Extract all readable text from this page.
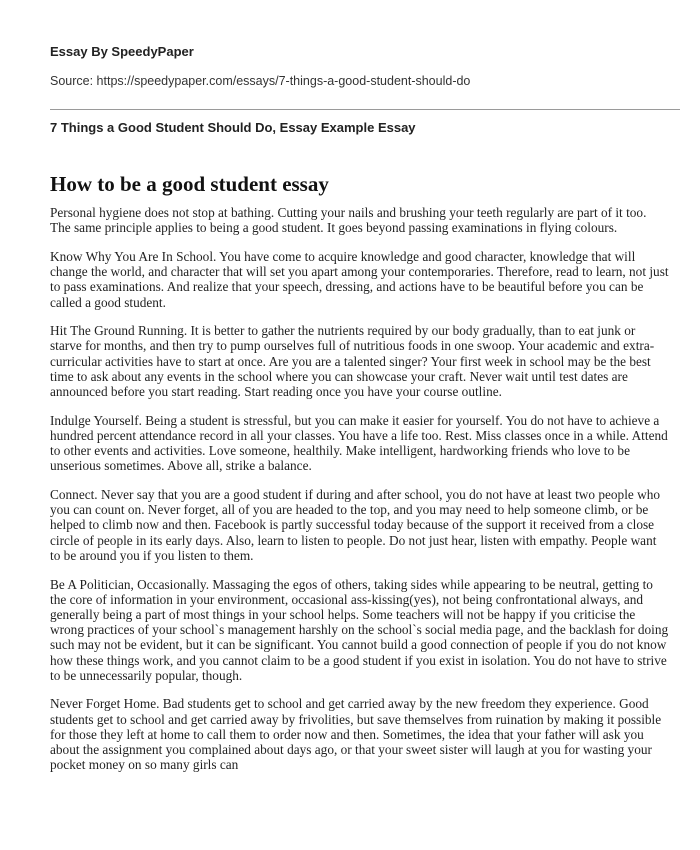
Essay By SpeedyPaper
Source: https://speedypaper.com/essays/7-things-a-good-student-should-do
7 Things a Good Student Should Do, Essay Example Essay
How to be a good student essay

Personal hygiene does not stop at bathing. Cutting your nails and brushing your teeth regularly are part of it too. The same principle applies to being a good student. It goes beyond passing examinations in flying colours.

Know Why You Are In School. You have come to acquire knowledge and good character, knowledge that will change the world, and character that will set you apart among your contemporaries. Therefore, read to learn, not just to pass examinations. And realize that your speech, dressing, and actions have to be beautiful before you can be called a good student.

Hit The Ground Running. It is better to gather the nutrients required by our body gradually, than to eat junk or starve for months, and then try to pump ourselves full of nutritious foods in one swoop. Your academic and extra-curricular activities have to start at once. Are you are a talented singer? Your first week in school may be the best time to ask about any events in the school where you can showcase your craft. Never wait until test dates are announced before you start reading. Start reading once you have your course outline.

Indulge Yourself. Being a student is stressful, but you can make it easier for yourself. You do not have to achieve a hundred percent attendance record in all your classes. You have a life too. Rest. Miss classes once in a while. Attend to other events and activities. Love someone, healthily. Make intelligent, hardworking friends who love to be unserious sometimes. Above all, strike a balance.

Connect. Never say that you are a good student if during and after school, you do not have at least two people who you can count on. Never forget, all of you are headed to the top, and you may need to help someone climb, or be helped to climb now and then. Facebook is partly successful today because of the support it received from a close circle of people in its early days. Also, learn to listen to people. Do not just hear, listen with empathy. People want to be around you if you listen to them.

Be A Politician, Occasionally. Massaging the egos of others, taking sides while appearing to be neutral, getting to the core of information in your environment, occasional ass-kissing(yes), not being confrontational always, and generally being a part of most things in your school helps. Some teachers will not be happy if you criticise the wrong practices of your school`s management harshly on the school`s social media page, and the backlash for doing such may not be evident, but it can be significant. You cannot build a good connection of people if you do not know how these things work, and you cannot claim to be a good student if you exist in isolation. You do not have to strive to be unnecessarily popular, though.

Never Forget Home. Bad students get to school and get carried away by the new freedom they experience. Good students get to school and get carried away by frivolities, but save themselves from ruination by making it possible for those they left at home to call them to order now and then. Sometimes, the idea that your father will ask you about the assignment you complained about days ago, or that your sweet sister will laugh at you for wasting your pocket money on so many girls can
